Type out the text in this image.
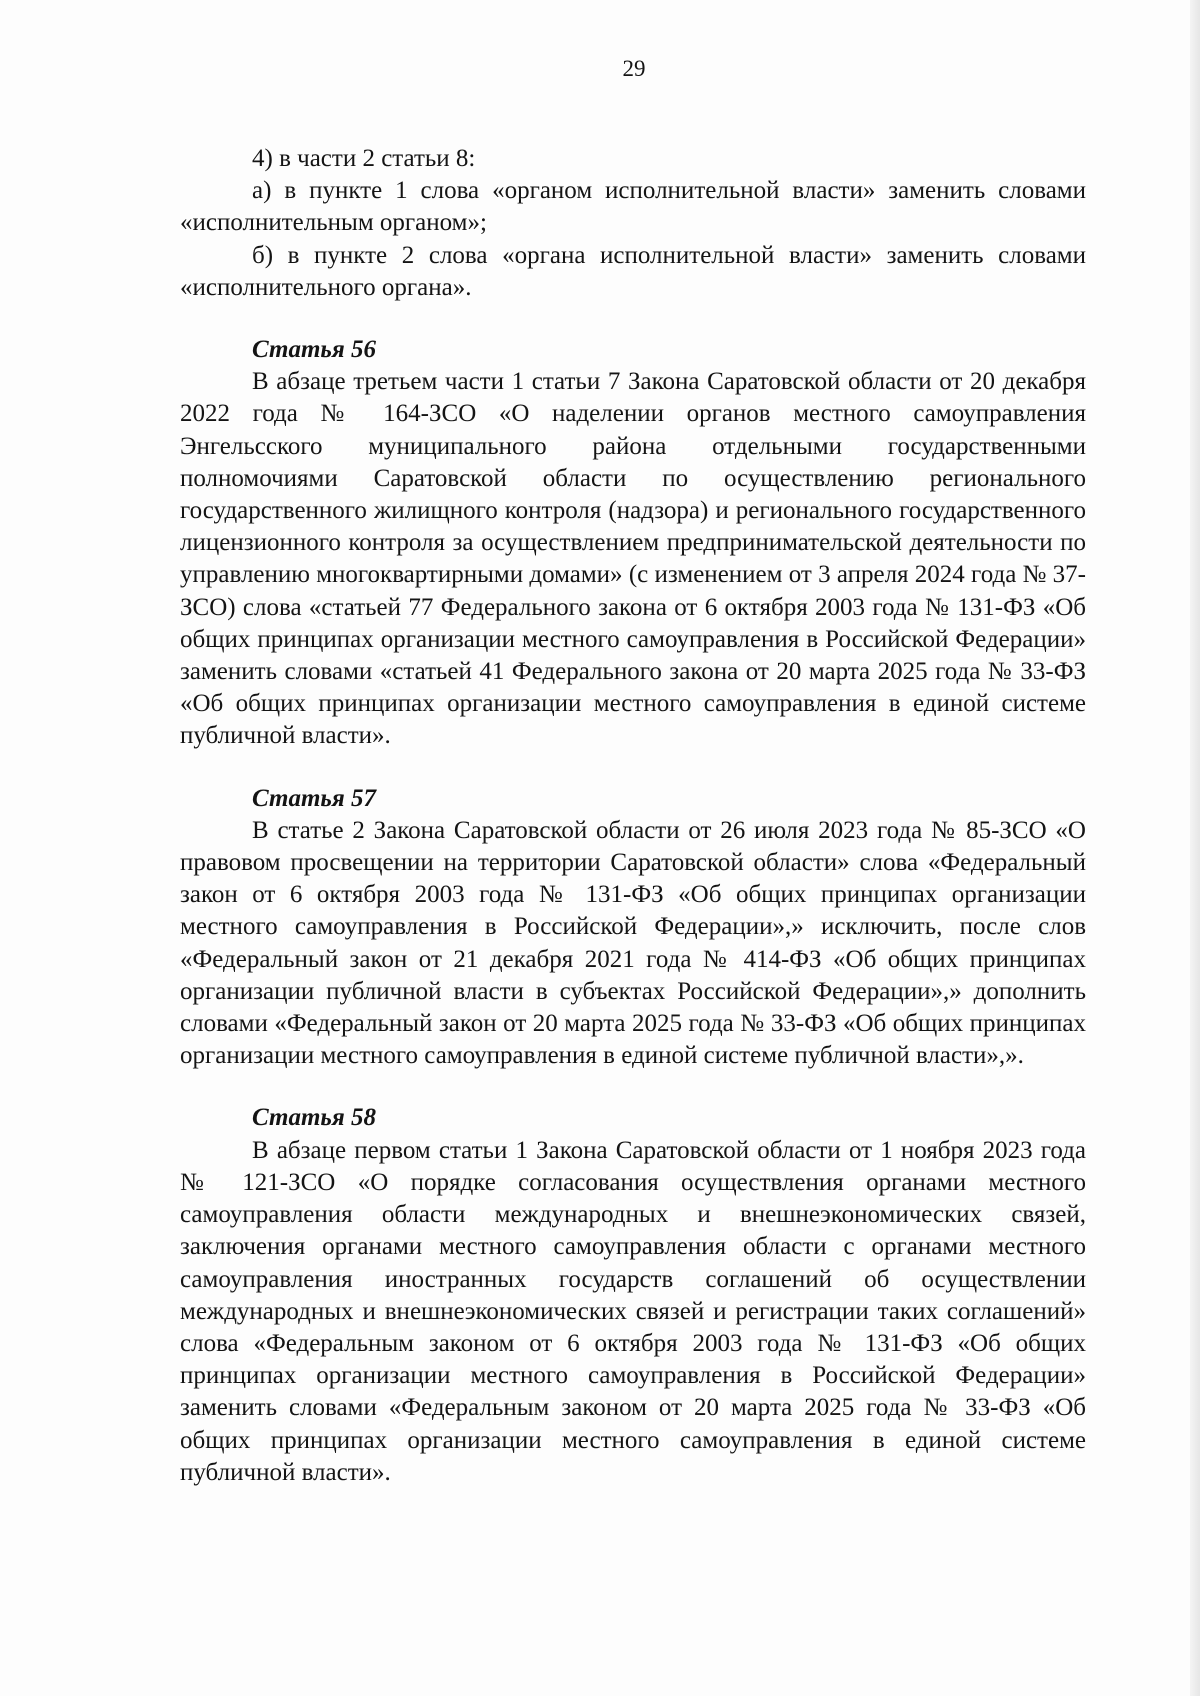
29

4) в части 2 статьи 8:

а) в пункте 1 слова «органом исполнительной власти» заменить словами «исполнительным органом»;

б) в пункте 2 слова «органа исполнительной власти» заменить словами «исполнительного органа».

Статья 56

В абзаце третьем части 1 статьи 7 Закона Саратовской области от 20 декабря 2022 года № 164-ЗСО «О наделении органов местного самоуправления Энгельсского муниципального района отдельными государственными полномочиями Саратовской области по осуществлению регионального государственного жилищного контроля (надзора) и регионального государственного лицензионного контроля за осуществлением предпринимательской деятельности по управлению многоквартирными домами» (с изменением от 3 апреля 2024 года № 37-ЗСО) слова «статьей 77 Федерального закона от 6 октября 2003 года № 131-ФЗ «Об общих принципах организации местного самоуправления в Российской Федерации» заменить словами «статьей 41 Федерального закона от 20 марта 2025 года № 33-ФЗ «Об общих принципах организации местного самоуправления в единой системе публичной власти».

Статья 57

В статье 2 Закона Саратовской области от 26 июля 2023 года № 85-ЗСО «О правовом просвещении на территории Саратовской области» слова «Федеральный закон от 6 октября 2003 года № 131-ФЗ «Об общих принципах организации местного самоуправления в Российской Федерации»,» исключить, после слов «Федеральный закон от 21 декабря 2021 года № 414-ФЗ «Об общих принципах организации публичной власти в субъектах Российской Федерации»,» дополнить словами «Федеральный закон от 20 марта 2025 года № 33-ФЗ «Об общих принципах организации местного самоуправления в единой системе публичной власти»,».

Статья 58

В абзаце первом статьи 1 Закона Саратовской области от 1 ноября 2023 года № 121-ЗСО «О порядке согласования осуществления органами местного самоуправления области международных и внешнеэкономических связей, заключения органами местного самоуправления области с органами местного самоуправления иностранных государств соглашений об осуществлении международных и внешнеэкономических связей и регистрации таких соглашений» слова «Федеральным законом от 6 октября 2003 года № 131-ФЗ «Об общих принципах организации местного самоуправления в Российской Федерации» заменить словами «Федеральным законом от 20 марта 2025 года № 33-ФЗ «Об общих принципах организации местного самоуправления в единой системе публичной власти».
